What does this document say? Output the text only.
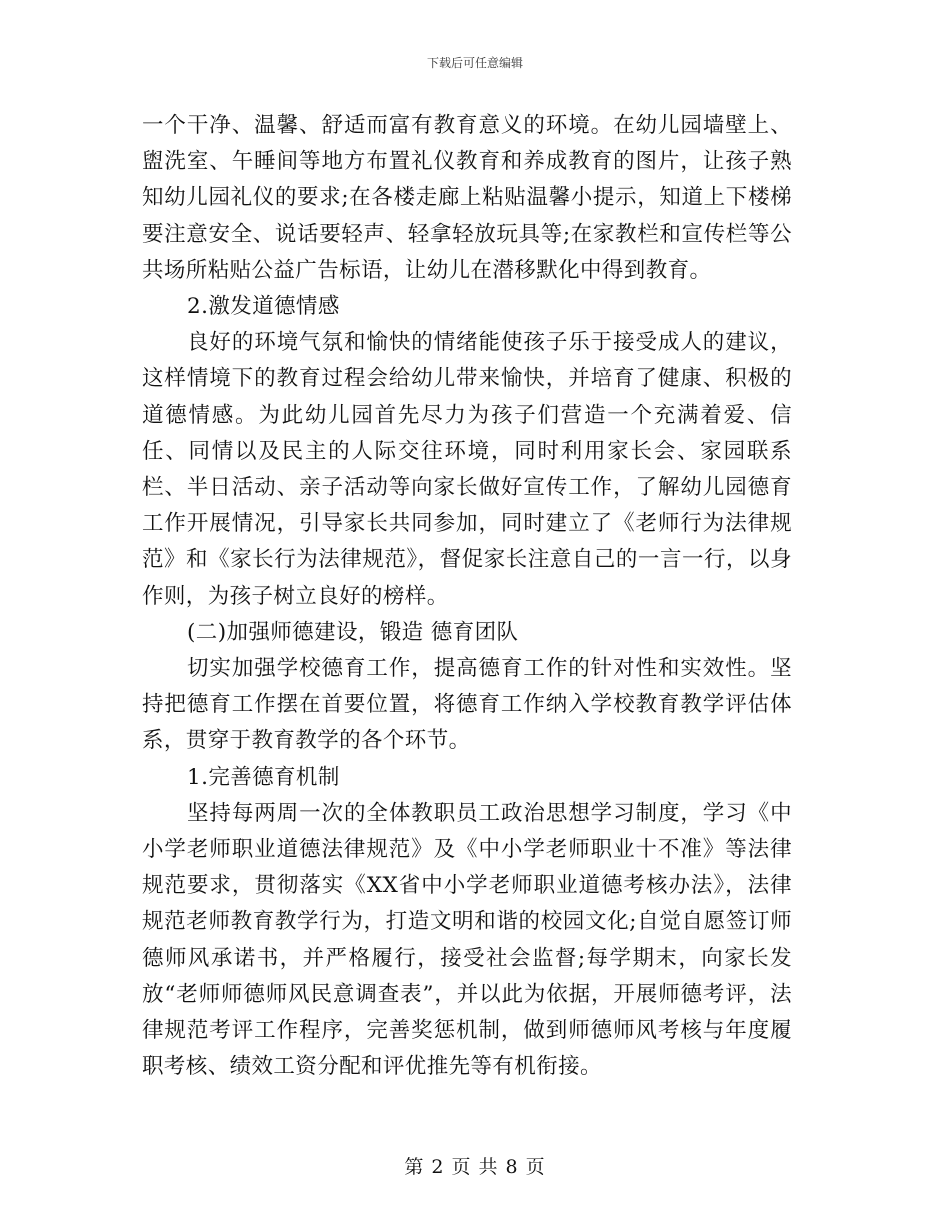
下载后可任意编辑

一个干净、温馨、舒适而富有教育意义的环境。在幼儿园墙壁上、盥洗室、午睡间等地方布置礼仪教育和养成教育的图片，让孩子熟知幼儿园礼仪的要求;在各楼走廊上粘贴温馨小提示，知道上下楼梯要注意安全、说话要轻声、轻拿轻放玩具等;在家教栏和宣传栏等公共场所粘贴公益广告标语，让幼儿在潜移默化中得到教育。

2.激发道德情感

良好的环境气氛和愉快的情绪能使孩子乐于接受成人的建议，这样情境下的教育过程会给幼儿带来愉快，并培育了健康、积极的道德情感。为此幼儿园首先尽力为孩子们营造一个充满着爱、信任、同情以及民主的人际交往环境，同时利用家长会、家园联系栏、半日活动、亲子活动等向家长做好宣传工作，了解幼儿园德育工作开展情况，引导家长共同参加，同时建立了《老师行为法律规范》和《家长行为法律规范》，督促家长注意自己的一言一行，以身作则，为孩子树立良好的榜样。

(二)加强师德建设，锻造 德育团队

切实加强学校德育工作，提高德育工作的针对性和实效性。坚持把德育工作摆在首要位置，将德育工作纳入学校教育教学评估体系，贯穿于教育教学的各个环节。

1.完善德育机制

坚持每两周一次的全体教职员工政治思想学习制度，学习《中小学老师职业道德法律规范》及《中小学老师职业十不准》等法律规范要求，贯彻落实《XX省中小学老师职业道德考核办法》，法律规范老师教育教学行为，打造文明和谐的校园文化;自觉自愿签订师德师风承诺书，并严格履行，接受社会监督;每学期末，向家长发放“老师师德师风民意调查表”，并以此为依据，开展师德考评，法律规范考评工作程序，完善奖惩机制，做到师德师风考核与年度履职考核、绩效工资分配和评优推先等有机衔接。

第 2 页 共 8 页
